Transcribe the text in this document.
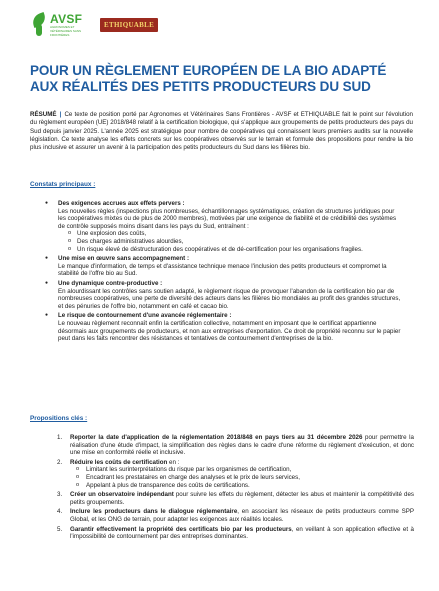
AVSF
AGRONOMES ET VÉTÉRINAIRES SANS FRONTIÈRES
ETHIQUABLE
POUR UN RÈGLEMENT EUROPÉEN DE LA BIO ADAPTÉ AUX RÉALITÉS DES PETITS PRODUCTEURS DU SUD

RÉSUMÉ | Ce texte de position porté par Agronomes et Vétérinaires Sans Frontières - AVSF et ETHIQUABLE fait le point sur l'évolution du règlement européen (UE) 2018/848 relatif à la certification biologique, qui s'applique aux groupements de petits producteurs des pays du Sud depuis janvier 2025. L'année 2025 est stratégique pour nombre de coopératives qui connaissent leurs premiers audits sur la nouvelle législation. Ce texte analyse les effets concrets sur les coopératives observés sur le terrain et formule des propositions pour rendre la bio plus inclusive et assurer un avenir à la participation des petits producteurs du Sud dans les filières bio.

Constats principaux :
● Des exigences accrues aux effets pervers :
Les nouvelles règles (inspections plus nombreuses, échantillonnages systématiques, création de structures juridiques pour les coopératives mixtes ou de plus de 2000 membres), motivées par une exigence de fiabilité et de crédibilité des systèmes de contrôle supposés moins disant dans les pays du Sud, entraînent :
o Une explosion des coûts,
o Des charges administratives alourdies,
o Un risque élevé de déstructuration des coopératives et de dé-certification pour les organisations fragiles.
● Une mise en œuvre sans accompagnement :
Le manque d'information, de temps et d'assistance technique menace l'inclusion des petits producteurs et compromet la stabilité de l'offre bio au Sud.
● Une dynamique contre-productive :
En alourdissant les contrôles sans soutien adapté, le règlement risque de provoquer l'abandon de la certification bio par de nombreuses coopératives, une perte de diversité des acteurs dans les filières bio mondiales au profit des grandes structures, et des pénuries de l'offre bio, notamment en café et cacao bio.
● Le risque de contournement d'une avancée réglementaire :
Le nouveau règlement reconnaît enfin la certification collective, notamment en imposant que le certificat appartienne désormais aux groupements de producteurs, et non aux entreprises d'exportation. Ce droit de propriété reconnu sur le papier peut dans les faits rencontrer des résistances et tentatives de contournement d'entreprises de la bio.
Propositions clés :
1. Reporter la date d'application de la réglementation 2018/848 en pays tiers au 31 décembre 2026 pour permettre la réalisation d'une étude d'impact, la simplification des règles dans le cadre d'une réforme du règlement d'exécution, et donc une mise en conformité réelle et inclusive.
2. Réduire les coûts de certification en :
o Limitant les surinterprétations du risque par les organismes de certification,
o Encadrant les prestataires en charge des analyses et le prix de leurs services,
o Appelant à plus de transparence des coûts de certifications.
3. Créer un observatoire indépendant pour suivre les effets du règlement, détecter les abus et maintenir la compétitivité des petits groupements.
4. Inclure les producteurs dans le dialogue réglementaire, en associant les réseaux de petits producteurs comme SPP Global, et les ONG de terrain, pour adapter les exigences aux réalités locales.
5. Garantir effectivement la propriété des certificats bio par les producteurs, en veillant à son application effective et à l'impossibilité de contournement par des entreprises dominantes.
